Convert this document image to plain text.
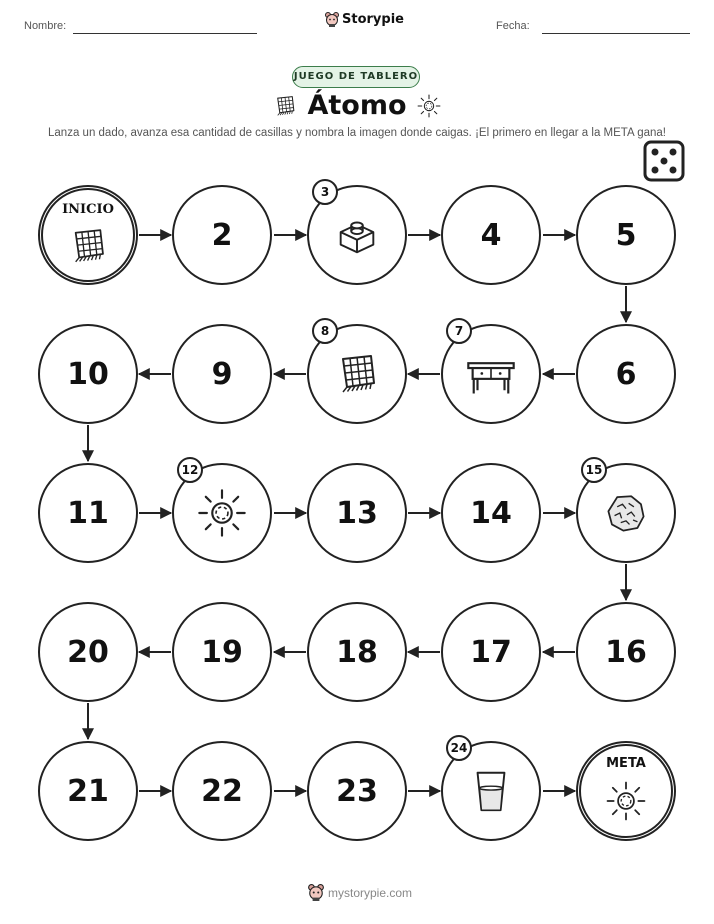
Nombre:	Storypie	Fecha:
JUEGO DE TABLERO
Átomo
Lanza un dado, avanza esa cantidad de casillas y nombra la imagen donde caigas. ¡El primero en llegar a la META gana!
INICIO
2
3
4	5
10	9
8	7
6
11
12
13	14
15
20	19	18	17	16
21	22	23
24
META
mystorypie.com
